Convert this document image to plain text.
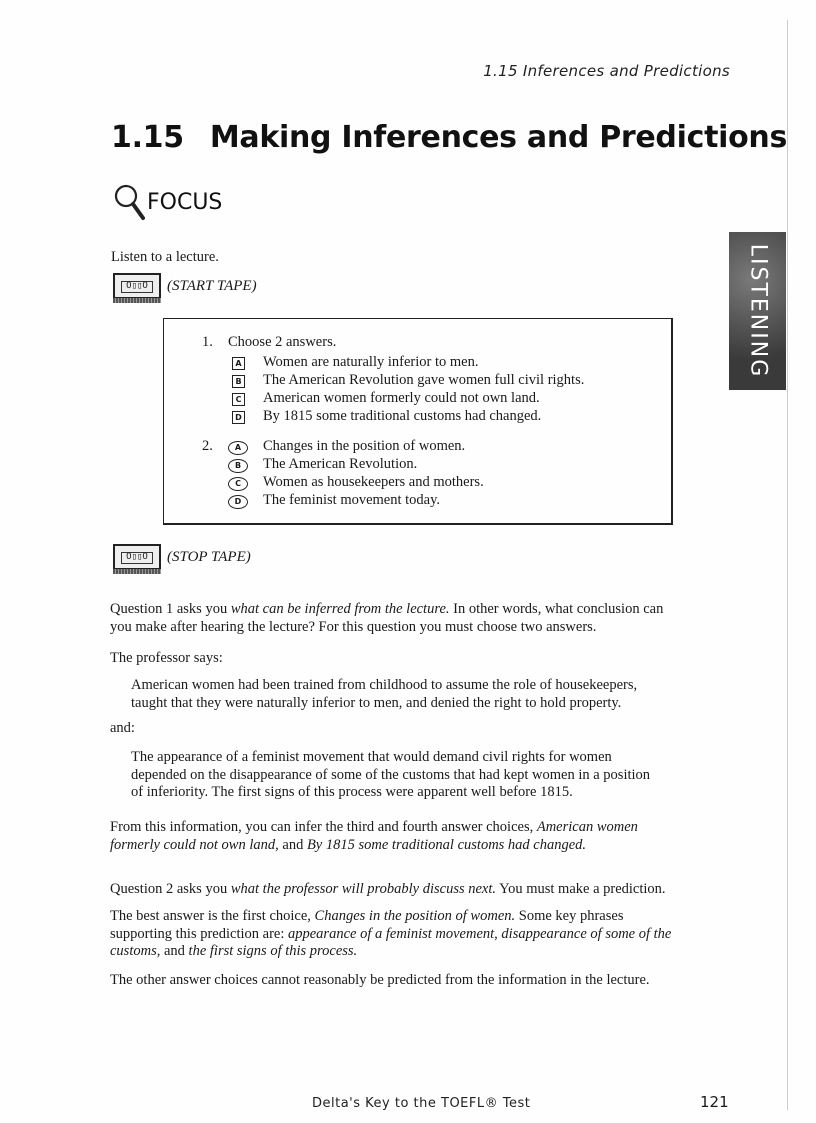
1.15 Inferences and Predictions
1.15 Making Inferences and Predictions
FOCUS
Listen to a lecture.
O▯▯O	(START TAPE)
1. Choose 2 answers.
A Women are naturally inferior to men.
B The American Revolution gave women full civil rights.
C American women formerly could not own land.
D By 1815 some traditional customs had changed.
2.	A	Changes in the position of women.
B	The American Revolution.
C	Women as housekeepers and mothers.
D	The feminist movement today.
O▯▯O	(STOP TAPE)

Question 1 asks you what can be inferred from the lecture. In other words, what conclusion can you make after hearing the lecture? For this question you must choose two answers.

The professor says:

American women had been trained from childhood to assume the role of housekeepers, taught that they were naturally inferior to men, and denied the right to hold property.

and:

The appearance of a feminist movement that would demand civil rights for women depended on the disappearance of some of the customs that had kept women in a position of inferiority. The first signs of this process were apparent well before 1815.

From this information, you can infer the third and fourth answer choices, American women formerly could not own land, and By 1815 some traditional customs had changed.

Question 2 asks you what the professor will probably discuss next. You must make a prediction.

The best answer is the first choice, Changes in the position of women. Some key phrases supporting this prediction are: appearance of a feminist movement, disappearance of some of the customs, and the first signs of this process.

The other answer choices cannot reasonably be predicted from the information in the lecture.

LISTENING
Delta's Key to the TOEFL® Test	121
